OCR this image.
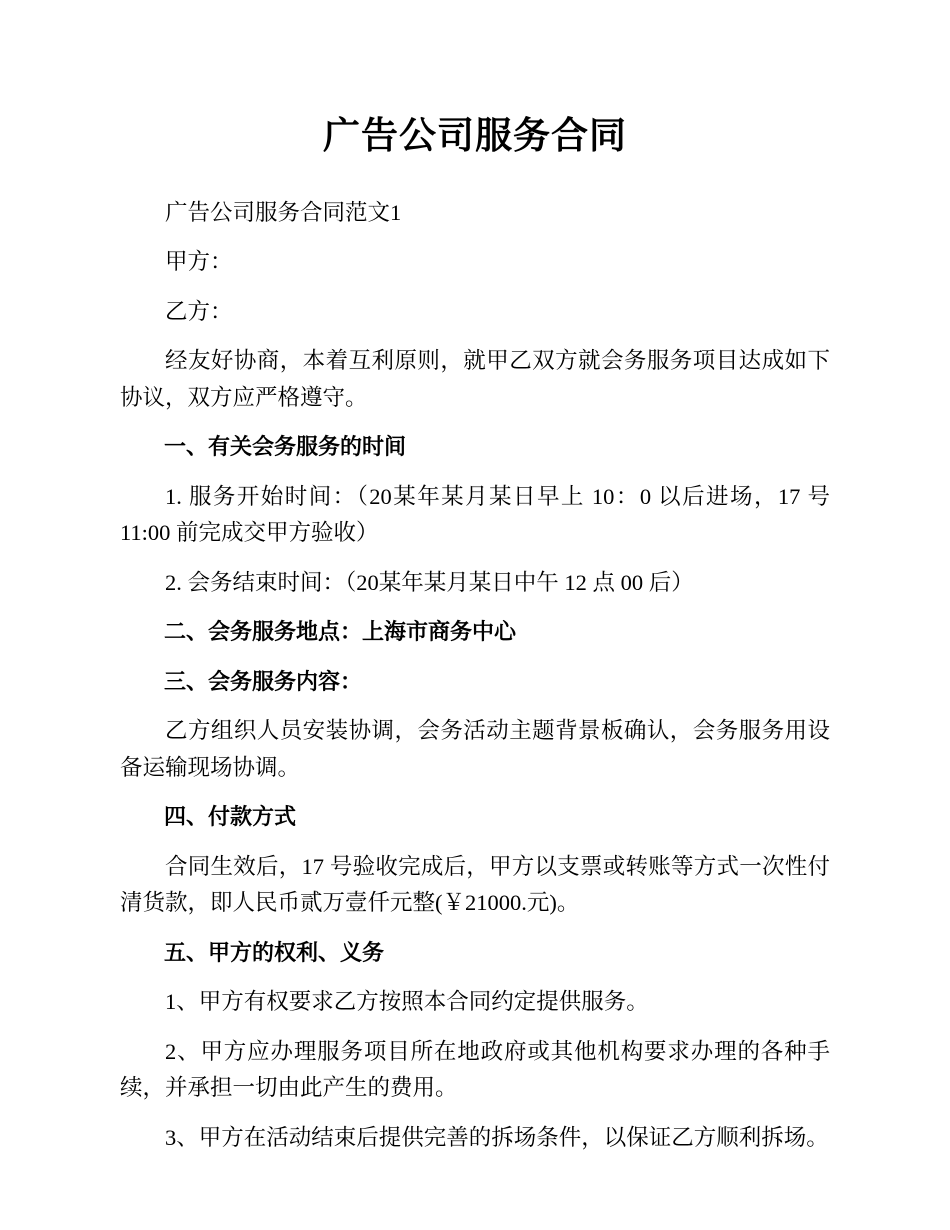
广告公司服务合同

广告公司服务合同范文1

甲方：

乙方：

经友好协商，本着互利原则，就甲乙双方就会务服务项目达成如下协议，双方应严格遵守。

一、有关会务服务的时间

1. 服务开始时间：（20某年某月某日早上 10：0 以后进场，17 号 11:00 前完成交甲方验收）

2. 会务结束时间：（20某年某月某日中午 12 点 00 后）

二、会务服务地点：上海市商务中心

三、会务服务内容：

乙方组织人员安装协调，会务活动主题背景板确认，会务服务用设备运输现场协调。

四、付款方式

合同生效后，17 号验收完成后，甲方以支票或转账等方式一次性付清货款，即人民币贰万壹仟元整(￥21000.元)。

五、甲方的权利、义务

1、甲方有权要求乙方按照本合同约定提供服务。

2、甲方应办理服务项目所在地政府或其他机构要求办理的各种手续，并承担一切由此产生的费用。

3、甲方在活动结束后提供完善的拆场条件，以保证乙方顺利拆场。
